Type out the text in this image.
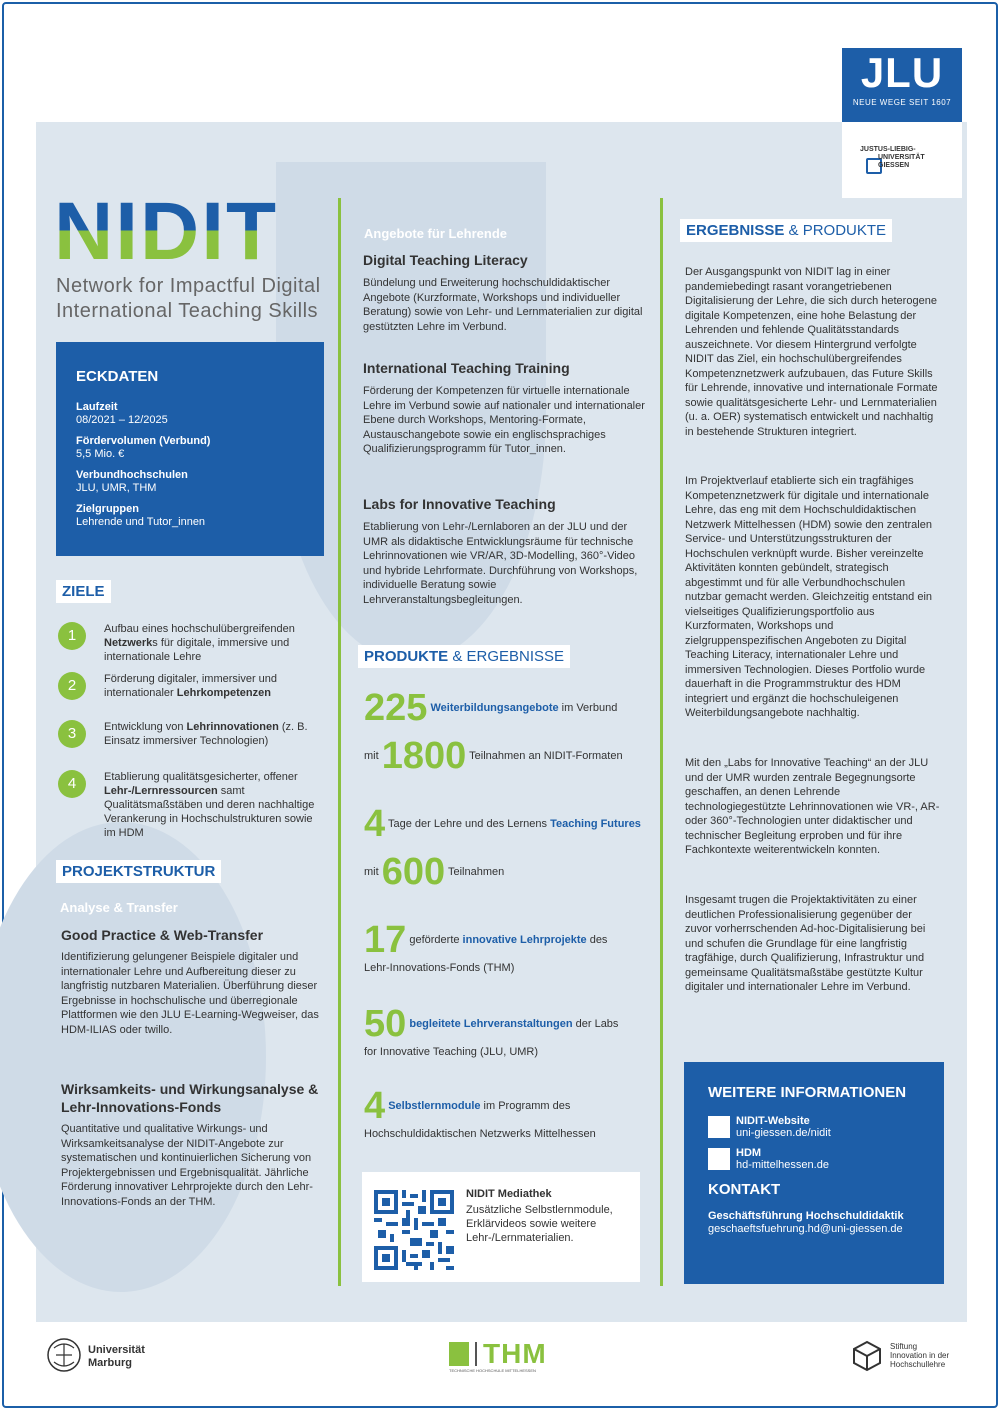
JLU
NEUE WEGE SEIT 1607
JUSTUS-LIEBIG-
UNIVERSITÄT
GIESSEN
NIDIT
Network for Impactful Digital
International Teaching Skills
ECKDATEN
Laufzeit
08/2021 – 12/2025
Fördervolumen (Verbund)
5,5 Mio. €
Verbundhochschulen
JLU, UMR, THM
Zielgruppen
Lehrende und Tutor_innen
ZIELE
1	Aufbau eines hochschulübergreifenden Netzwerks für digitale, immersive und internationale Lehre
2	Förderung digitaler, immersiver und internationaler Lehrkompetenzen
3	Entwicklung von Lehrinnovationen (z. B. Einsatz immersiver Technologien)
4	Etablierung qualitätsgesicherter, offener Lehr-/Lernressourcen samt Qualitätsmaßstäben und deren nachhaltige Verankerung in Hochschulstrukturen sowie im HDM
PROJEKTSTRUKTUR
Analyse & Transfer
Good Practice & Web-Transfer
Identifizierung gelungener Beispiele digitaler und internationaler Lehre und Aufbereitung dieser zu langfristig nutzbaren Materialien. Überführung dieser Ergebnisse in hochschulische und überregionale Plattformen wie den JLU E-Learning-Wegweiser, das HDM-ILIAS oder twillo.
Wirksamkeits- und Wirkungsanalyse & Lehr-Innovations-Fonds
Quantitative und qualitative Wirkungs- und Wirksamkeitsanalyse der NIDIT-Angebote zur systematischen und kontinuierlichen Sicherung von Projektergebnissen und Ergebnisqualität. Jährliche Förderung innovativer Lehrprojekte durch den Lehr-Innovations-Fonds an der THM.
Angebote für Lehrende
Digital Teaching Literacy
Bündelung und Erweiterung hochschuldidaktischer Angebote (Kurzformate, Workshops und individueller Beratung) sowie von Lehr- und Lernmaterialien zur digital gestützten Lehre im Verbund.
International Teaching Training
Förderung der Kompetenzen für virtuelle internationale Lehre im Verbund sowie auf nationaler und internationaler Ebene durch Workshops, Mentoring-Formate, Austauschangebote sowie ein englischsprachiges Qualifizierungsprogramm für Tutor_innen.
Labs for Innovative Teaching
Etablierung von Lehr-/Lernlaboren an der JLU und der UMR als didaktische Entwicklungsräume für technische Lehrinnovationen wie VR/AR, 3D-Modelling, 360°-Video und hybride Lehrformate. Durchführung von Workshops, individuelle Beratung sowie Lehrveranstaltungsbegleitungen.
PRODUKTE & ERGEBNISSE
225 Weiterbildungsangebote im Verbund
mit 1800 Teilnahmen an NIDIT-Formaten
4 Tage der Lehre und des Lernens Teaching Futures
mit 600 Teilnahmen
17 geförderte innovative Lehrprojekte des
Lehr-Innovations-Fonds (THM)
50 begleitete Lehrveranstaltungen der Labs
for Innovative Teaching (JLU, UMR)
4 Selbstlernmodule im Programm des
Hochschuldidaktischen Netzwerks Mittelhessen
NIDIT Mediathek
Zusätzliche Selbstlernmodule, Erklärvideos sowie weitere Lehr-/Lernmaterialien.
ERGEBNISSE & PRODUKTE
Der Ausgangspunkt von NIDIT lag in einer pandemiebedingt rasant vorangetriebenen Digitalisierung der Lehre, die sich durch heterogene digitale Kompetenzen, eine hohe Belastung der Lehrenden und fehlende Qualitätsstandards auszeichnete. Vor diesem Hintergrund verfolgte NIDIT das Ziel, ein hochschulübergreifendes Kompetenznetzwerk aufzubauen, das Future Skills für Lehrende, innovative und internationale Formate sowie qualitätsgesicherte Lehr- und Lernmaterialien (u. a. OER) systematisch entwickelt und nachhaltig in bestehende Strukturen integriert.
Im Projektverlauf etablierte sich ein tragfähiges Kompetenznetzwerk für digitale und internationale Lehre, das eng mit dem Hochschuldidaktischen Netzwerk Mittelhessen (HDM) sowie den zentralen Service- und Unterstützungsstrukturen der Hochschulen verknüpft wurde. Bisher vereinzelte Aktivitäten konnten gebündelt, strategisch abgestimmt und für alle Verbundhochschulen nutzbar gemacht werden. Gleichzeitig entstand ein vielseitiges Qualifizierungsportfolio aus Kurzformaten, Workshops und zielgruppenspezifischen Angeboten zu Digital Teaching Literacy, internationaler Lehre und immersiven Technologien. Dieses Portfolio wurde dauerhaft in die Programmstruktur des HDM integriert und ergänzt die hochschuleigenen Weiterbildungsangebote nachhaltig.
Mit den „Labs for Innovative Teaching“ an der JLU und der UMR wurden zentrale Begegnungsorte geschaffen, an denen Lehrende technologiegestützte Lehrinnovationen wie VR-, AR- oder 360°-Technologien unter didaktischer und technischer Begleitung erproben und für ihre Fachkontexte weiterentwickeln konnten.
Insgesamt trugen die Projektaktivitäten zu einer deutlichen Professionalisierung gegenüber der zuvor vorherrschenden Ad-hoc-Digitalisierung bei und schufen die Grundlage für eine langfristig tragfähige, durch Qualifizierung, Infrastruktur und gemeinsame Qualitätsmaßstäbe gestützte Kultur digitaler und internationaler Lehre im Verbund.
WEITERE INFORMATIONEN
NIDIT-Website
uni-giessen.de/nidit
HDM
hd-mittelhessen.de
KONTAKT
Geschäftsführung Hochschuldidaktik
geschaeftsfuehrung.hd@uni-giessen.de
Universität
Marburg	THM
TECHNISCHE HOCHSCHULE MITTELHESSEN
Stiftung
Innovation in der
Hochschullehre
